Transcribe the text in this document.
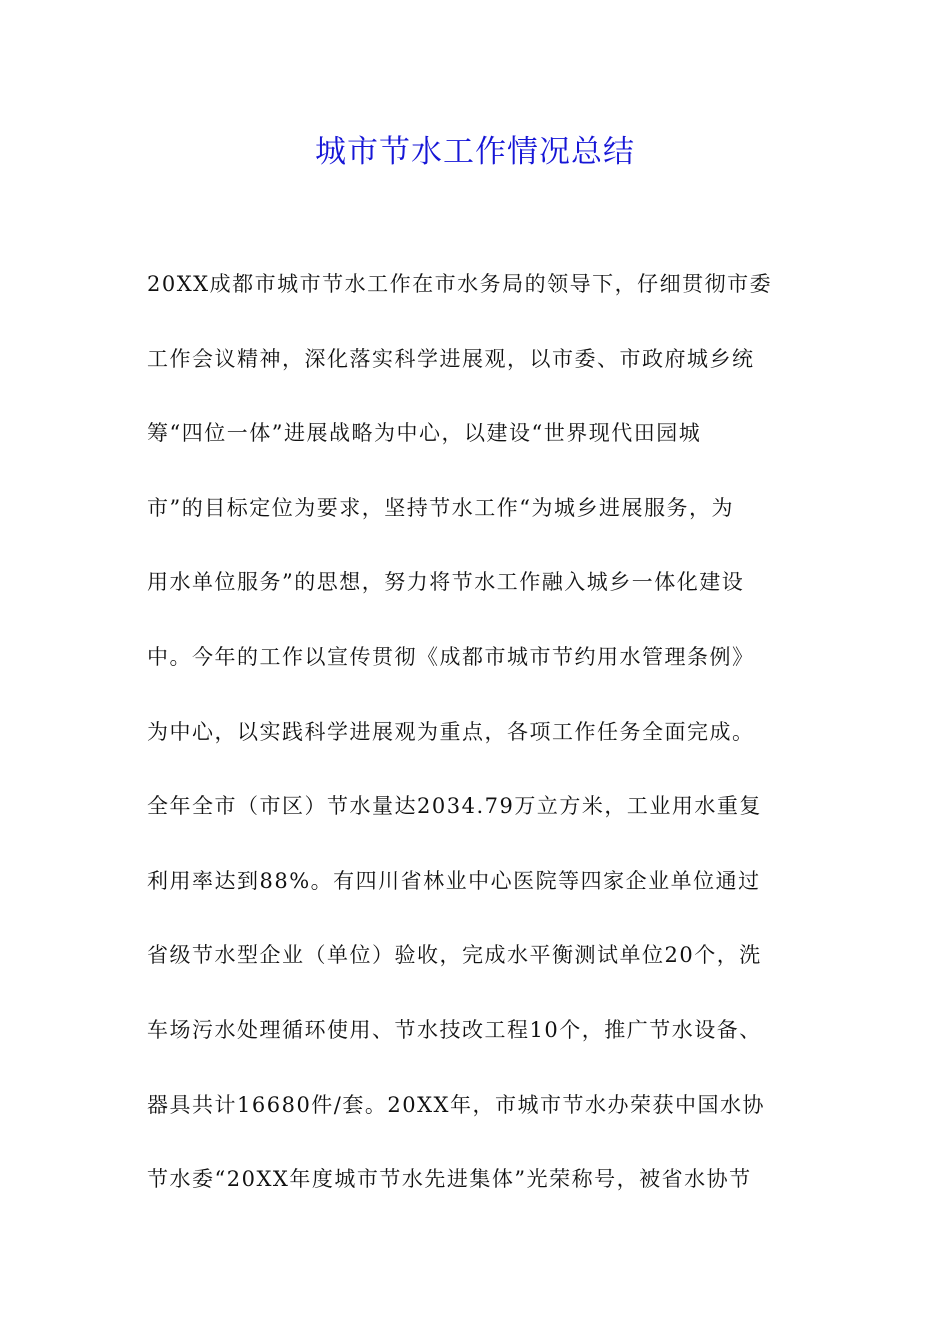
城市节水工作情况总结
20XX成都市城市节水工作在市水务局的领导下，仔细贯彻市委
工作会议精神，深化落实科学进展观，以市委、市政府城乡统
筹“四位一体”进展战略为中心，以建设“世界现代田园城
市”的目标定位为要求，坚持节水工作“为城乡进展服务，为
用水单位服务”的思想，努力将节水工作融入城乡一体化建设
中。今年的工作以宣传贯彻《成都市城市节约用水管理条例》
为中心，以实践科学进展观为重点，各项工作任务全面完成。
全年全市（市区）节水量达2034.79万立方米，工业用水重复
利用率达到88%。有四川省林业中心医院等四家企业单位通过
省级节水型企业（单位）验收，完成水平衡测试单位20个，洗
车场污水处理循环使用、节水技改工程10个，推广节水设备、
器具共计16680件/套。20XX年，市城市节水办荣获中国水协
节水委“20XX年度城市节水先进集体”光荣称号，被省水协节
